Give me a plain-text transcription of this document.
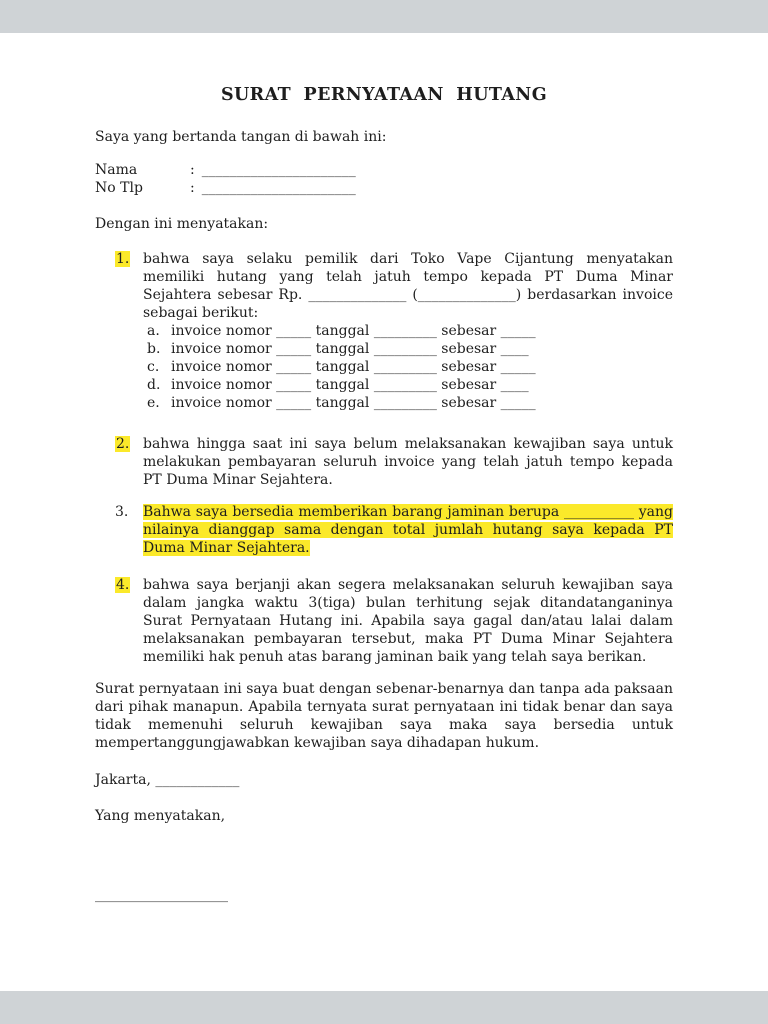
SURAT PERNYATAAN HUTANG

Saya yang bertanda tangan di bawah ini:

Nama	: ______________________
No Tlp	: ______________________

Dengan ini menyatakan:

1. bahwa saya selaku pemilik dari Toko Vape Cijantung menyatakan memiliki hutang yang telah jatuh tempo kepada PT Duma Minar Sejahtera sebesar Rp. ______________ (______________) berdasarkan invoice sebagai berikut:
a. invoice nomor _____ tanggal _________ sebesar _____
b. invoice nomor _____ tanggal _________ sebesar ____
c. invoice nomor _____ tanggal _________ sebesar _____
d. invoice nomor _____ tanggal _________ sebesar ____
e. invoice nomor _____ tanggal _________ sebesar _____
2. bahwa hingga saat ini saya belum melaksanakan kewajiban saya untuk melakukan pembayaran seluruh invoice yang telah jatuh tempo kepada PT Duma Minar Sejahtera.
3.	Bahwa saya bersedia memberikan barang jaminan berupa __________ yang nilainya dianggap sama dengan total jumlah hutang saya kepada PT Duma Minar Sejahtera.
4. bahwa saya berjanji akan segera melaksanakan seluruh kewajiban saya dalam jangka waktu 3(tiga) bulan terhitung sejak ditandatanganinya Surat Pernyataan Hutang ini. Apabila saya gagal dan/atau lalai dalam melaksanakan pembayaran tersebut, maka PT Duma Minar Sejahtera memiliki hak penuh atas barang jaminan baik yang telah saya berikan.

Surat pernyataan ini saya buat dengan sebenar-benarnya dan tanpa ada paksaan dari pihak manapun. Apabila ternyata surat pernyataan ini tidak benar dan saya tidak memenuhi seluruh kewajiban saya maka saya bersedia untuk mempertanggungjawabkan kewajiban saya dihadapan hukum.

Jakarta, ____________

Yang menyatakan,

___________________
